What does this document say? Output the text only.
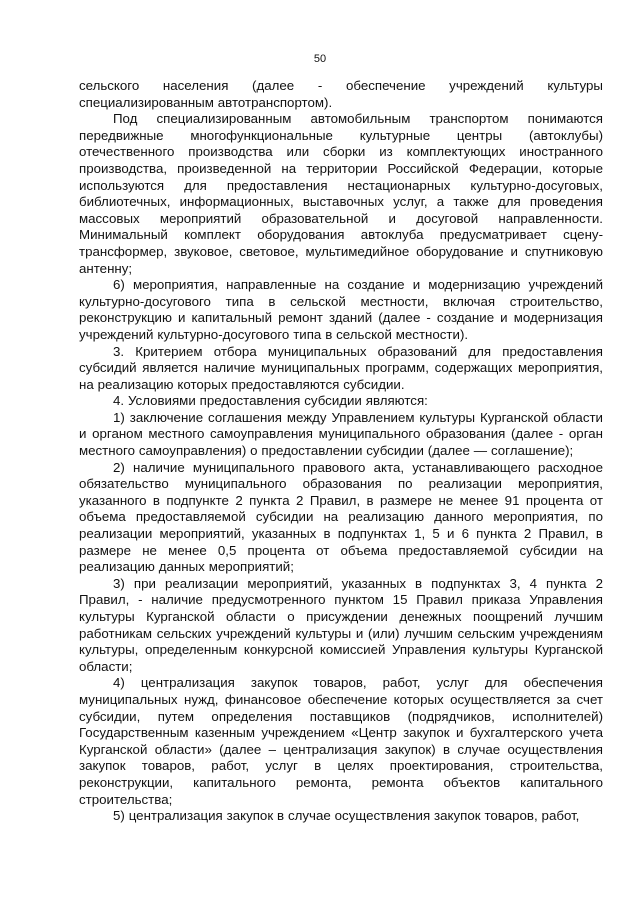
50

сельского населения (далее - обеспечение учреждений культуры специализированным автотранспортом).

Под специализированным автомобильным транспортом понимаются передвижные многофункциональные культурные центры (автоклубы) отечественного производства или сборки из комплектующих иностранного производства, произведенной на территории Российской Федерации, которые используются для предоставления нестационарных культурно-досуговых, библиотечных, информационных, выставочных услуг, а также для проведения массовых мероприятий образовательной и досуговой направленности. Минимальный комплект оборудования автоклуба предусматривает сцену-трансформер, звуковое, световое, мультимедийное оборудование и спутниковую антенну;

6) мероприятия, направленные на создание и модернизацию учреждений культурно-досугового типа в сельской местности, включая строительство, реконструкцию и капитальный ремонт зданий (далее - создание и модернизация учреждений культурно-досугового типа в сельской местности).

3. Критерием отбора муниципальных образований для предоставления субсидий является наличие муниципальных программ, содержащих мероприятия, на реализацию которых предоставляются субсидии.

4. Условиями предоставления субсидии являются:

1) заключение соглашения между Управлением культуры Курганской области и органом местного самоуправления муниципального образования (далее - орган местного самоуправления) о предоставлении субсидии (далее — соглашение);

2) наличие муниципального правового акта, устанавливающего расходное обязательство муниципального образования по реализации мероприятия, указанного в подпункте 2 пункта 2 Правил, в размере не менее 91 процента от объема предоставляемой субсидии на реализацию данного мероприятия, по реализации мероприятий, указанных в подпунктах 1, 5 и 6 пункта 2 Правил, в размере не менее 0,5 процента от объема предоставляемой субсидии на реализацию данных мероприятий;

3) при реализации мероприятий, указанных в подпунктах 3, 4 пункта 2 Правил, - наличие предусмотренного пунктом 15 Правил приказа Управления культуры Курганской области о присуждении денежных поощрений лучшим работникам сельских учреждений культуры и (или) лучшим сельским учреждениям культуры, определенным конкурсной комиссией Управления культуры Курганской области;

4) централизация закупок товаров, работ, услуг для обеспечения муниципальных нужд, финансовое обеспечение которых осуществляется за счет субсидии, путем определения поставщиков (подрядчиков, исполнителей) Государственным казенным учреждением «Центр закупок и бухгалтерского учета Курганской области» (далее – централизация закупок) в случае осуществления закупок товаров, работ, услуг в целях проектирования, строительства, реконструкции, капитального ремонта, ремонта объектов капитального строительства;

5) централизация закупок в случае осуществления закупок товаров, работ,
